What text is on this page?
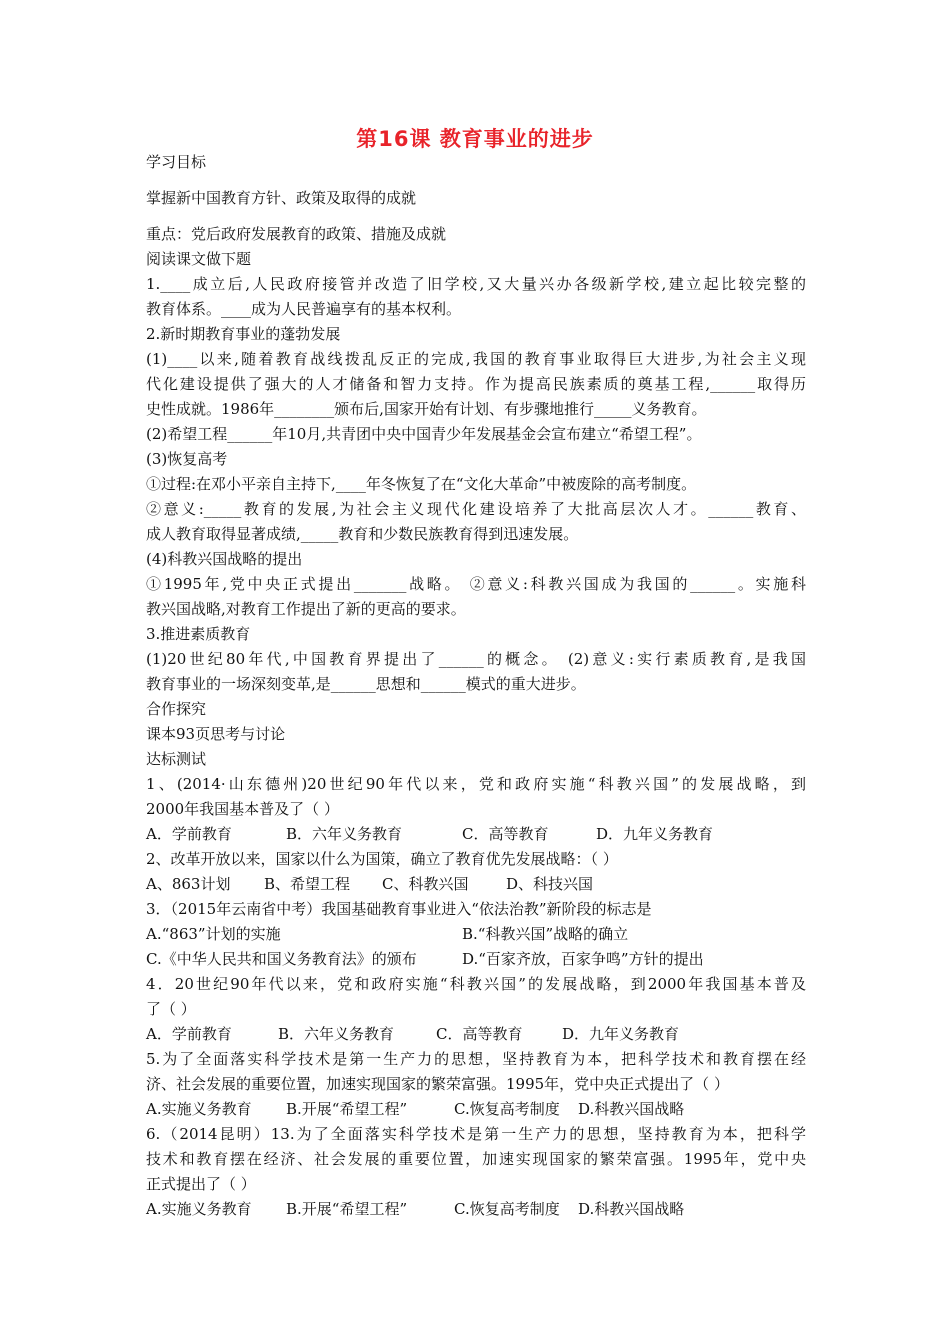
第16课 教育事业的进步
学习目标
掌握新中国教育方针、政策及取得的成就
重点：党后政府发展教育的政策、措施及成就
阅读课文做下题
1.____成立后,人民政府接管并改造了旧学校,又大量兴办各级新学校,建立起比较完整的
教育体系。____成为人民普遍享有的基本权利。
2.新时期教育事业的蓬勃发展
(1)____以来,随着教育战线拨乱反正的完成,我国的教育事业取得巨大进步,为社会主义现
代化建设提供了强大的人才储备和智力支持。作为提高民族素质的奠基工程,______取得历
史性成就。1986年________颁布后,国家开始有计划、有步骤地推行_____义务教育。
(2)希望工程______年10月,共青团中央中国青少年发展基金会宣布建立“希望工程”。
(3)恢复高考
①过程:在邓小平亲自主持下,____年冬恢复了在“文化大革命”中被废除的高考制度。
②意义:_____教育的发展,为社会主义现代化建设培养了大批高层次人才。______教育、
成人教育取得显著成绩,_____教育和少数民族教育得到迅速发展。
(4)科教兴国战略的提出
①1995年,党中央正式提出_______战略。 ②意义:科教兴国成为我国的______。实施科
教兴国战略,对教育工作提出了新的更高的要求。
3.推进素质教育
(1)20世纪80年代,中国教育界提出了______的概念。 (2)意义:实行素质教育,是我国
教育事业的一场深刻变革,是______思想和______模式的重大进步。
合作探究
课本93页思考与讨论
达标测试
1、(2014·山东德州)20世纪90年代以来，党和政府实施“科教兴国”的发展战略，到
2000年我国基本普及了（ ）
A．学前教育	B．六年义务教育	C．高等教育	D．九年义务教育
2、改革开放以来，国家以什么为国策，确立了教育优先发展战略：（ ）
A、863计划	B、希望工程	C、科教兴国	D、科技兴国
3．（2015年云南省中考）我国基础教育事业进入“依法治教”新阶段的标志是
A.“863”计划的实施	B.“科教兴国”战略的确立
C.《中华人民共和国义务教育法》的颁布	D.“百家齐放，百家争鸣”方针的提出
4．20世纪90年代以来，党和政府实施“科教兴国”的发展战略，到2000年我国基本普及
了（ ）
A．学前教育	B．六年义务教育	C．高等教育	D．九年义务教育
5.为了全面落实科学技术是第一生产力的思想，坚持教育为本，把科学技术和教育摆在经
济、社会发展的重要位置，加速实现国家的繁荣富强。1995年，党中央正式提出了（ ）
A.实施义务教育	B.开展“希望工程”	C.恢复高考制度	D.科教兴国战略
6.（2014昆明）13.为了全面落实科学技术是第一生产力的思想，坚持教育为本，把科学
技术和教育摆在经济、社会发展的重要位置，加速实现国家的繁荣富强。1995年，党中央
正式提出了（ ）
A.实施义务教育	B.开展“希望工程”	C.恢复高考制度	D.科教兴国战略
